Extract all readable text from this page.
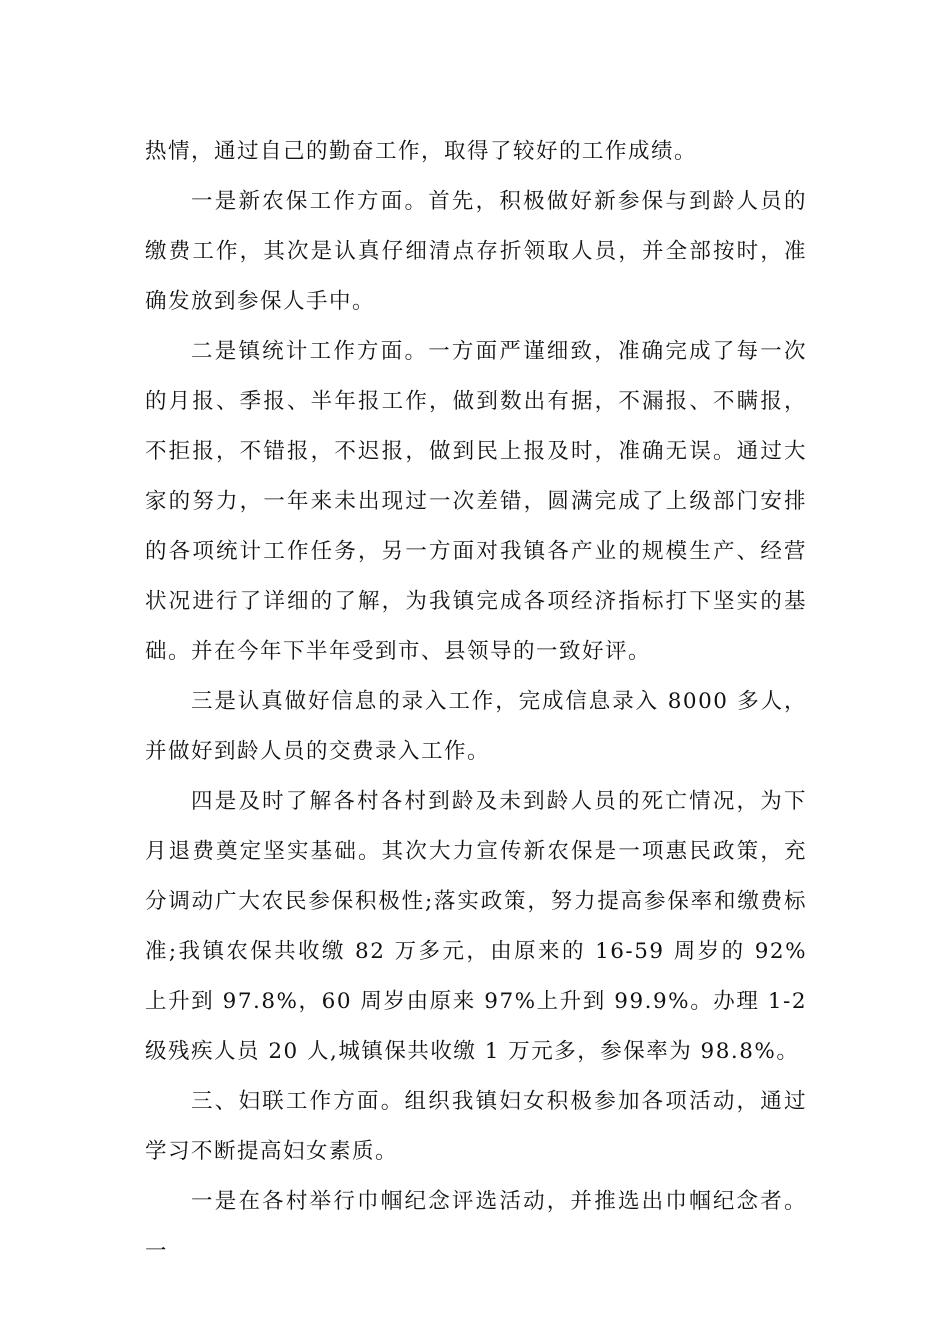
热情，通过自己的勤奋工作，取得了较好的工作成绩。

一是新农保工作方面。首先，积极做好新参保与到龄人员的缴费工作，其次是认真仔细清点存折领取人员，并全部按时，准确发放到参保人手中。

二是镇统计工作方面。一方面严谨细致，准确完成了每一次的月报、季报、半年报工作，做到数出有据，不漏报、不瞒报，不拒报，不错报，不迟报，做到民上报及时，准确无误。通过大家的努力，一年来未出现过一次差错，圆满完成了上级部门安排的各项统计工作任务，另一方面对我镇各产业的规模生产、经营状况进行了详细的了解，为我镇完成各项经济指标打下坚实的基础。并在今年下半年受到市、县领导的一致好评。

三是认真做好信息的录入工作，完成信息录入 8000 多人，并做好到龄人员的交费录入工作。

四是及时了解各村各村到龄及未到龄人员的死亡情况，为下月退费奠定坚实基础。其次大力宣传新农保是一项惠民政策，充分调动广大农民参保积极性;落实政策，努力提高参保率和缴费标准;我镇农保共收缴 82 万多元，由原来的 16-59 周岁的 92%上升到 97.8%，60 周岁由原来 97%上升到 99.9%。办理 1-2 级残疾人员 20 人,城镇保共收缴 1 万元多，参保率为 98.8%。

三、妇联工作方面。组织我镇妇女积极参加各项活动，通过学习不断提高妇女素质。

一是在各村举行巾帼纪念评选活动，并推选出巾帼纪念者。一
